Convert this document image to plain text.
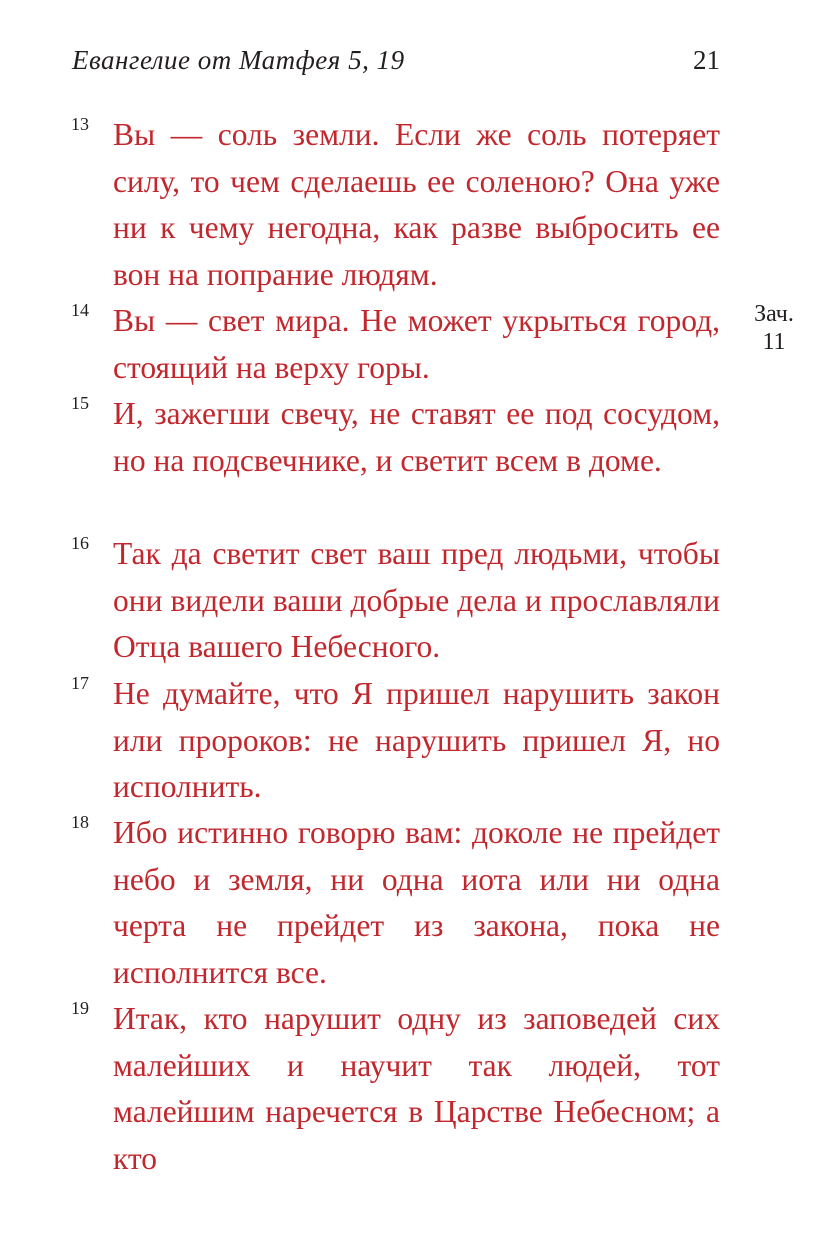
Евангелие от Матфея 5, 19	21
13 Вы — соль земли. Если же соль потеряет силу, то чем сделаешь ее соленою? Она уже ни к чему негодна, как разве выбросить ее вон на попрание людям.
14 Вы — свет мира. Не может укрыться город, стоящий на верху горы.
15 И, зажегши свечу, не ставят ее под сосудом, но на подсвечнике, и светит всем в доме.
16 Так да светит свет ваш пред людьми, чтобы они видели ваши добрые дела и прославляли Отца вашего Небесного.
17 Не думайте, что Я пришел нарушить закон или пророков: не нарушить пришел Я, но исполнить.
18 Ибо истинно говорю вам: доколе не прейдет небо и земля, ни одна иота или ни одна черта не прейдет из закона, пока не исполнится все.
19 Итак, кто нарушит одну из заповедей сих малейших и научит так людей, тот малейшим наречется в Царстве Небесном; а кто
Зач.
11
